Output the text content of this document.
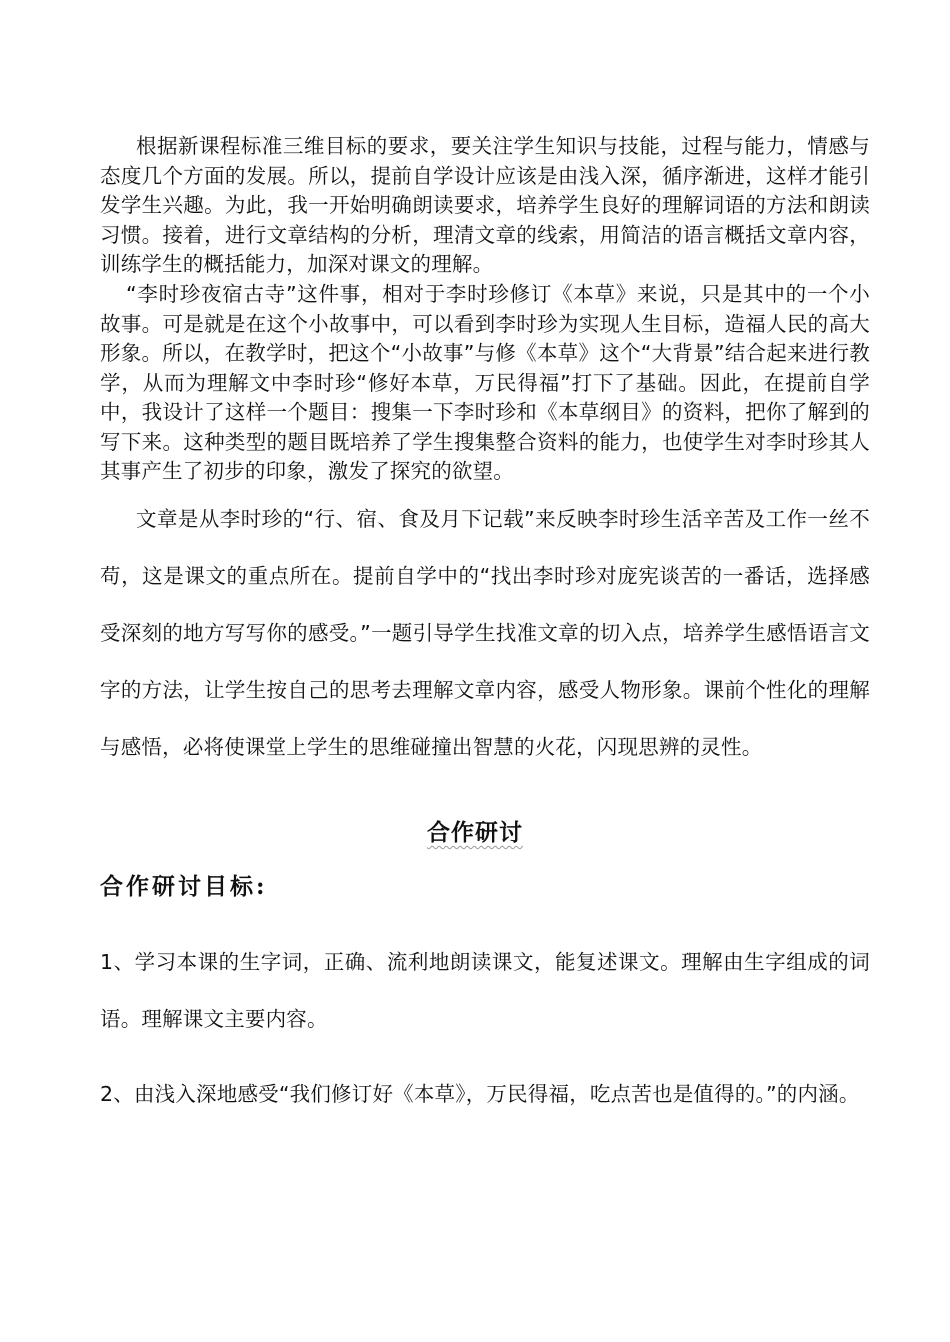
根据新课程标准三维目标的要求，要关注学生知识与技能，过程与能力，情感与态度几个方面的发展。所以，提前自学设计应该是由浅入深，循序渐进，这样才能引发学生兴趣。为此，我一开始明确朗读要求，培养学生良好的理解词语的方法和朗读习惯。接着，进行文章结构的分析，理清文章的线索，用简洁的语言概括文章内容，训练学生的概括能力，加深对课文的理解。

“李时珍夜宿古寺”这件事，相对于李时珍修订《本草》来说，只是其中的一个小故事。可是就是在这个小故事中，可以看到李时珍为实现人生目标，造福人民的高大形象。所以，在教学时，把这个“小故事”与修《本草》这个“大背景”结合起来进行教学，从而为理解文中李时珍“修好本草，万民得福”打下了基础。因此，在提前自学中，我设计了这样一个题目：搜集一下李时珍和《本草纲目》的资料，把你了解到的写下来。这种类型的题目既培养了学生搜集整合资料的能力，也使学生对李时珍其人其事产生了初步的印象，激发了探究的欲望。

文章是从李时珍的“行、宿、食及月下记载”来反映李时珍生活辛苦及工作一丝不苟，这是课文的重点所在。提前自学中的“找出李时珍对庞宪谈苦的一番话，选择感受深刻的地方写写你的感受。”一题引导学生找准文章的切入点，培养学生感悟语言文字的方法，让学生按自己的思考去理解文章内容，感受人物形象。课前个性化的理解与感悟，必将使课堂上学生的思维碰撞出智慧的火花，闪现思辨的灵性。

合作研讨
合作研讨目标:

1、学习本课的生字词，正确、流利地朗读课文，能复述课文。理解由生字组成的词语。理解课文主要内容。

2、由浅入深地感受“我们修订好《本草》，万民得福，吃点苦也是值得的。”的内涵。
